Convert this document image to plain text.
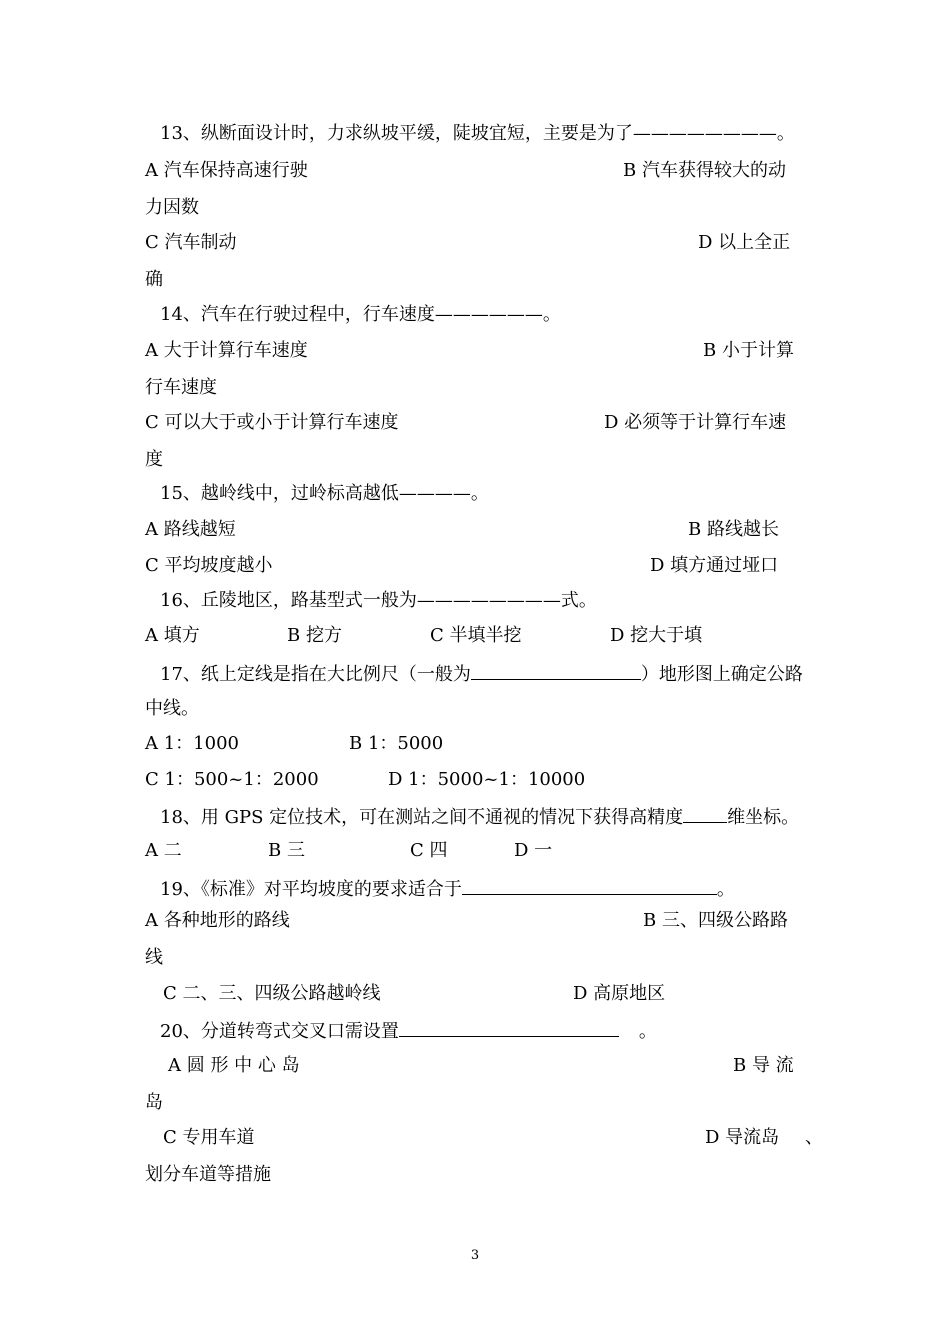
13、纵断面设计时，力求纵坡平缓，陡坡宜短，主要是为了————————。
A 汽车保持高速行驶	B 汽车获得较大的动
力因数
C 汽车制动	D 以上全正
确
14、汽车在行驶过程中，行车速度——————。
A 大于计算行车速度	B 小于计算
行车速度
C 可以大于或小于计算行车速度	D 必须等于计算行车速
度
15、越岭线中，过岭标高越低————。
A 路线越短	B 路线越长
C 平均坡度越小	D 填方通过垭口
16、丘陵地区，路基型式一般为————————式。
A 填方	B 挖方	C 半填半挖	D 挖大于填
17、纸上定线是指在大比例尺（一般为	）地形图上确定公路
中线。
A 1：1000	B 1：5000
C 1：500~1：2000	D 1：5000~1：10000
18、用 GPS 定位技术，可在测站之间不通视的情况下获得高精度 维坐标。
A 二	B 三	C 四	D 一
19、《标准》对平均坡度的要求适合于	。
A 各种地形的路线	B 三、四级公路路
线
C 二、三、四级公路越岭线	D 高原地区
20、分道转弯式交叉口需设置	。
A 圆 形 中 心 岛	B 导 流
岛
C 专用车道	D 导流岛 、
划分车道等措施
3
